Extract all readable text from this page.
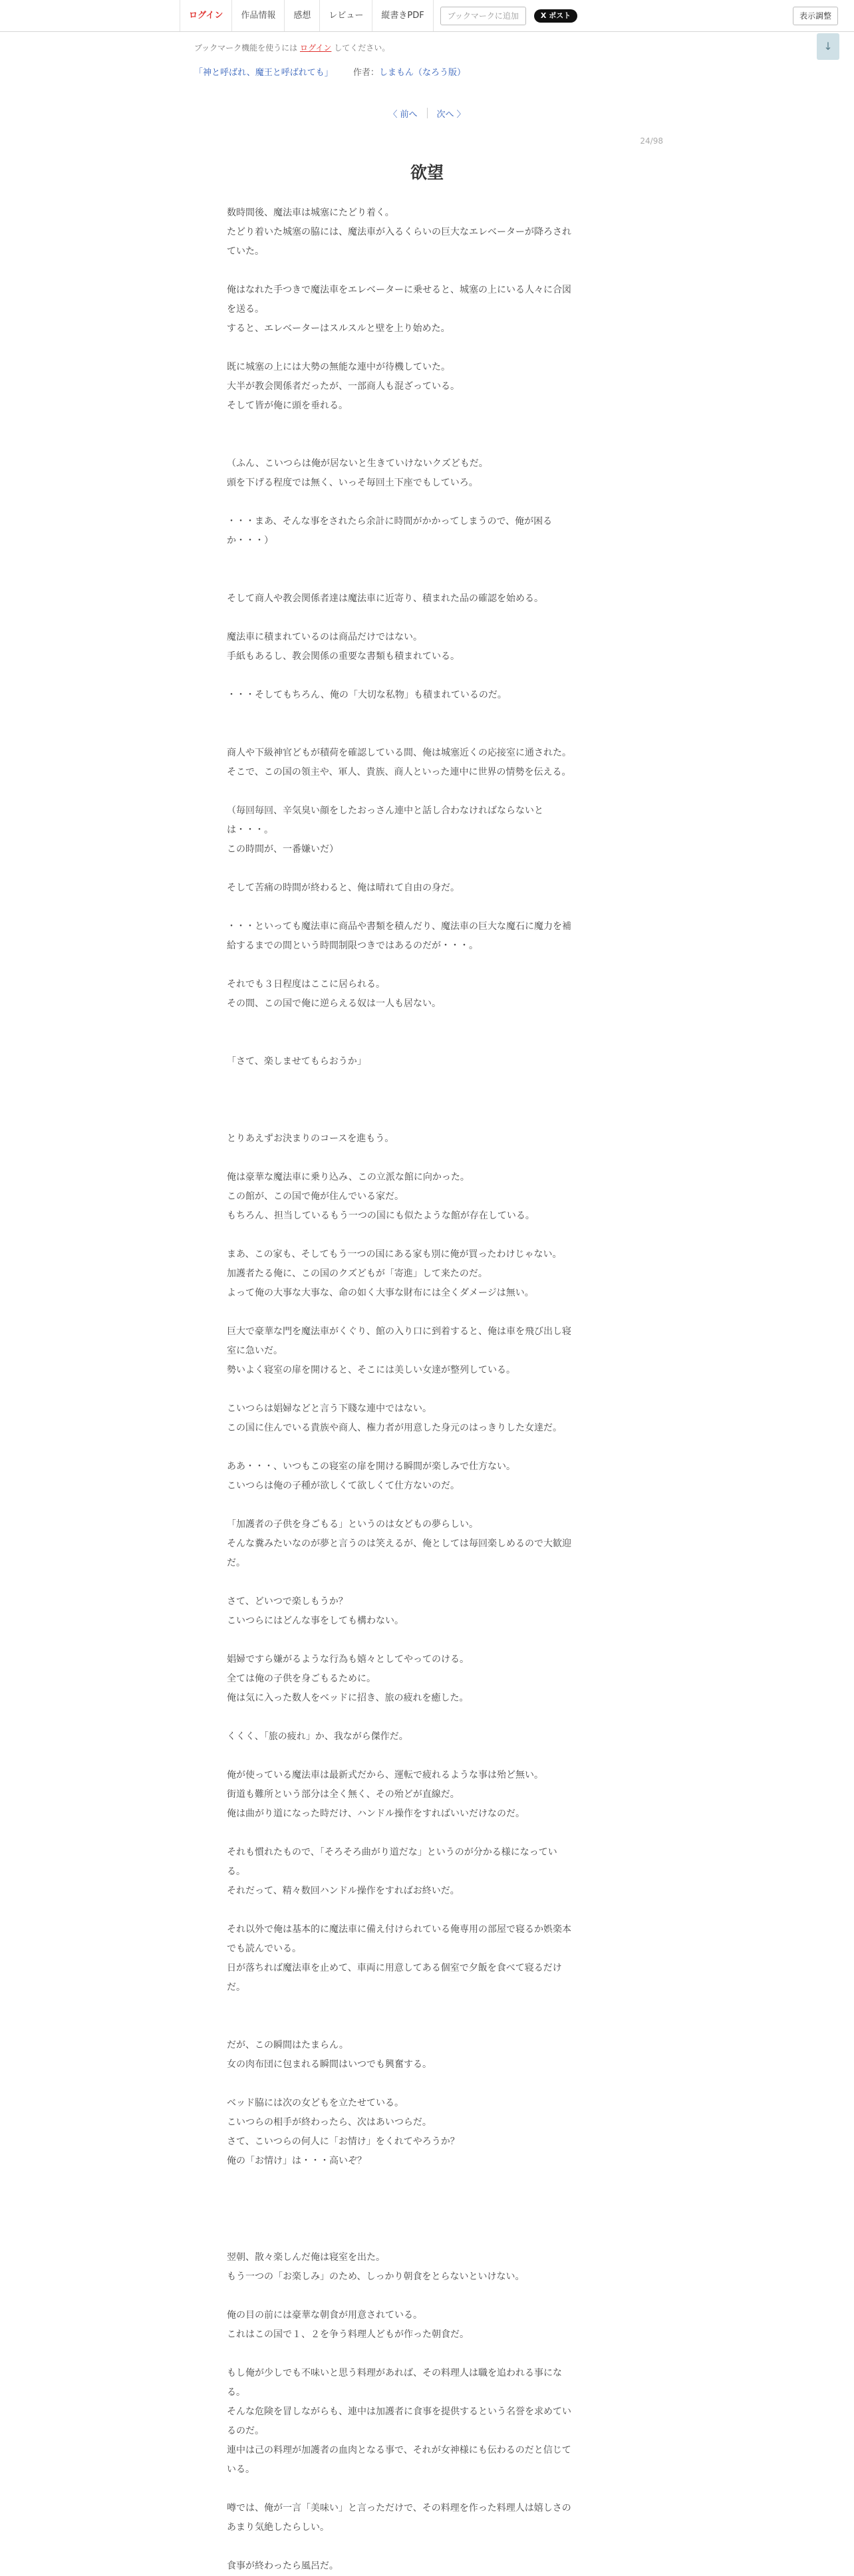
ログイン	作品情報	感想	レビュー	縦書きPDF	ブックマークに追加	X ポスト	表示調整
↓
ブックマーク機能を使うには ログイン してください。
「神と呼ばれ、魔王と呼ばれても」 作者：しまもん（なろう版）
〈 前へ	次へ 〉
24/98
欲望

数時間後、魔法車は城塞にたどり着く。

たどり着いた城塞の脇には、魔法車が入るくらいの巨大なエレベーターが降ろされ

ていた。

俺はなれた手つきで魔法車をエレベーターに乗せると、城塞の上にいる人々に合図

を送る。

すると、エレベーターはスルスルと壁を上り始めた。

既に城塞の上には大勢の無能な連中が待機していた。

大半が教会関係者だったが、一部商人も混ざっている。

そして皆が俺に頭を垂れる。

（ふん、こいつらは俺が居ないと生きていけないクズどもだ。

頭を下げる程度では無く、いっそ毎回土下座でもしていろ。

・・・まあ、そんな事をされたら余計に時間がかかってしまうので、俺が困る

か・・・）

そして商人や教会関係者達は魔法車に近寄り、積まれた品の確認を始める。

魔法車に積まれているのは商品だけではない。

手紙もあるし、教会関係の重要な書類も積まれている。

・・・そしてもちろん、俺の「大切な私物」も積まれているのだ。

商人や下級神官どもが積荷を確認している間、俺は城塞近くの応接室に通された。

そこで、この国の領主や、軍人、貴族、商人といった連中に世界の情勢を伝える。

（毎回毎回、辛気臭い顔をしたおっさん連中と話し合わなければならないと

は・・・。

この時間が、一番嫌いだ）

そして苦痛の時間が終わると、俺は晴れて自由の身だ。

・・・といっても魔法車に商品や書類を積んだり、魔法車の巨大な魔石に魔力を補

給するまでの間という時間制限つきではあるのだが・・・。

それでも３日程度はここに居られる。

その間、この国で俺に逆らえる奴は一人も居ない。

「さて、楽しませてもらおうか」

とりあえずお決まりのコースを進もう。

俺は豪華な魔法車に乗り込み、この立派な館に向かった。

この館が、この国で俺が住んでいる家だ。

もちろん、担当しているもう一つの国にも似たような館が存在している。

まあ、この家も、そしてもう一つの国にある家も別に俺が買ったわけじゃない。

加護者たる俺に、この国のクズどもが「寄進」して来たのだ。

よって俺の大事な大事な、命の如く大事な財布には全くダメージは無い。

巨大で豪華な門を魔法車がくぐり、館の入り口に到着すると、俺は車を飛び出し寝

室に急いだ。

勢いよく寝室の扉を開けると、そこには美しい女達が整列している。

こいつらは娼婦などと言う下賤な連中ではない。

この国に住んでいる貴族や商人、権力者が用意した身元のはっきりした女達だ。

ああ・・・、いつもこの寝室の扉を開ける瞬間が楽しみで仕方ない。

こいつらは俺の子種が欲しくて欲しくて仕方ないのだ。

「加護者の子供を身ごもる」というのは女どもの夢らしい。

そんな糞みたいなのが夢と言うのは笑えるが、俺としては毎回楽しめるので大歓迎

だ。

さて、どいつで楽しもうか？

こいつらにはどんな事をしても構わない。

娼婦ですら嫌がるような行為も嬉々としてやってのける。

全ては俺の子供を身ごもるために。

俺は気に入った数人をベッドに招き、旅の疲れを癒した。

くくく、「旅の疲れ」か、我ながら傑作だ。

俺が使っている魔法車は最新式だから、運転で疲れるような事は殆ど無い。

街道も難所という部分は全く無く、その殆どが直線だ。

俺は曲がり道になった時だけ、ハンドル操作をすればいいだけなのだ。

それも慣れたもので、「そろそろ曲がり道だな」というのが分かる様になってい

る。

それだって、精々数回ハンドル操作をすればお終いだ。

それ以外で俺は基本的に魔法車に備え付けられている俺専用の部屋で寝るか娯楽本

でも読んでいる。

日が落ちれば魔法車を止めて、車両に用意してある個室で夕飯を食べて寝るだけ

だ。

だが、この瞬間はたまらん。

女の肉布団に包まれる瞬間はいつでも興奮する。

ベッド脇には次の女どもを立たせている。

こいつらの相手が終わったら、次はあいつらだ。

さて、こいつらの何人に「お情け」をくれてやろうか？

俺の「お情け」は・・・高いぞ？

翌朝、散々楽しんだ俺は寝室を出た。

もう一つの「お楽しみ」のため、しっかり朝食をとらないといけない。

俺の目の前には豪華な朝食が用意されている。

これはこの国で１、２を争う料理人どもが作った朝食だ。

もし俺が少しでも不味いと思う料理があれば、その料理人は職を追われる事にな

る。

そんな危険を冒しながらも、連中は加護者に食事を提供するという名誉を求めてい

るのだ。

連中は己の料理が加護者の血肉となる事で、それが女神様にも伝わるのだと信じて

いる。

噂では、俺が一言「美味い」と言っただけで、その料理を作った料理人は嬉しさの

あまり気絶したらしい。

食事が終わったら風呂だ。
